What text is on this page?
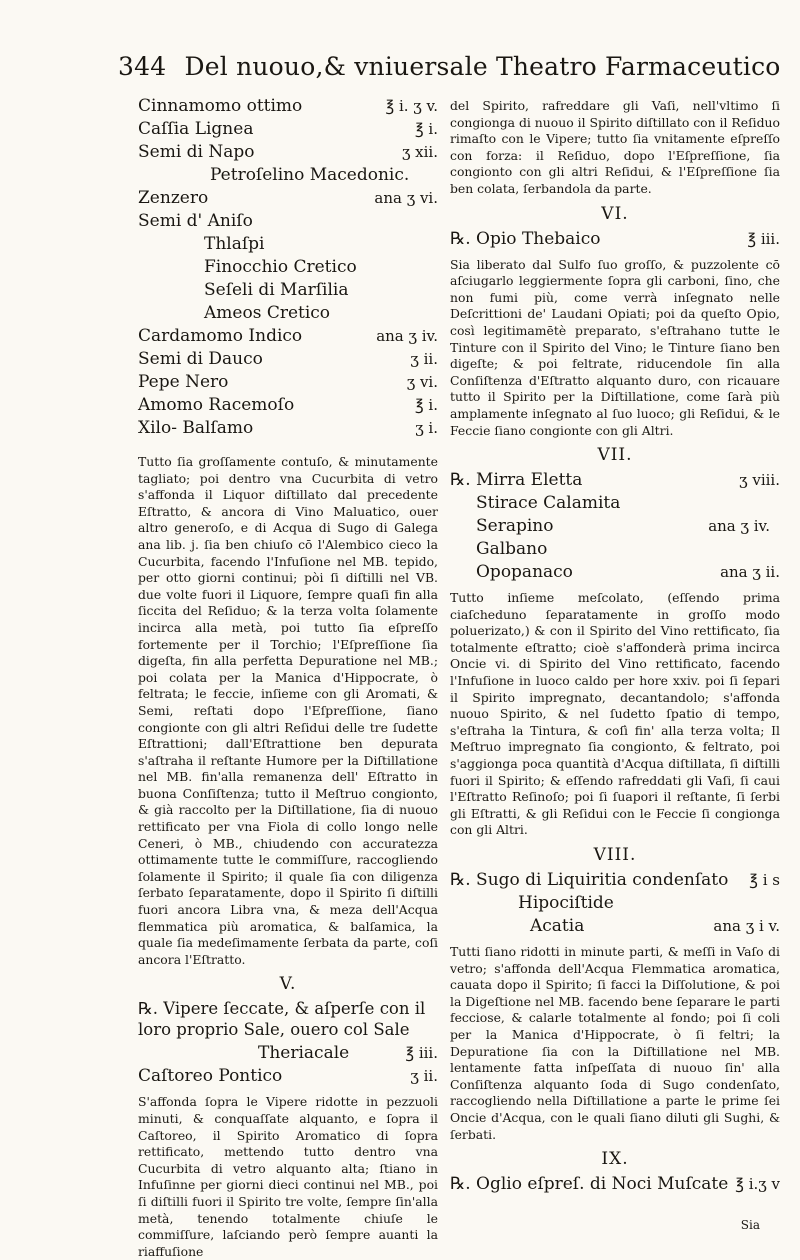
344 Del nuouo,& vniuersale Theatro Farmaceutico
Cinnamomo ottimo	℥ i. ʒ v.
Caſſia Lignea	℥ i.
Semi di Napo	ʒ xii.
Petroſelino Macedonic.
Zenzero	ana ʒ vi.
Semi d' Aniſo
Thlaſpi
Finocchio Cretico
Seſeli di Marſilia
Ameos Cretico
Cardamomo Indico	ana ʒ iv.
Semi di Dauco	ʒ ii.
Pepe Nero	ʒ vi.
Amomo Racemoſo	℥ i.
Xilo- Balſamo	ʒ i.

Tutto ſia groſſamente contuſo, & minutamente tagliato; poi dentro vna Cucurbita di vetro s'affonda il Liquor diſtillato dal precedente Eſtratto, & ancora di Vino Maluatico, ouer altro generoſo, e di Acqua di Sugo di Galega ana lib. j. ſia ben chiuſo cō l'Alembico cieco la Cucurbita, facendo l'Infuſione nel MB. tepido, per otto giorni continui; pòi ſi diſtilli nel VB. due volte fuori il Liquore, ſempre quaſi fin alla ſiccita del Reſiduo; & la terza volta ſolamente incirca alla metà, poi tutto ſia eſpreſſo fortemente per il Torchio; l'Eſpreſſione ſia digeſta, fin alla perfetta Depuratione nel MB.; poi colata per la Manica d'Hippocrate, ò feltrata; le feccie, inſieme con gli Aromati, & Semi, reſtati dopo l'Eſpreſſione, ſiano congionte con gli altri Reſidui delle tre ſudette Eſtrattioni; dall'Eſtrattione ben depurata s'aſtraha il reſtante Humore per la Diſtillatione nel MB. fin'alla remanenza dell' Eſtratto in buona Conſiſtenza; tutto il Meſtruo congionto, & già raccolto per la Diſtillatione, ſia di nuouo rettificato per vna Fiola di collo longo nelle Ceneri, ò MB., chiudendo con accuratezza ottimamente tutte le commiſſure, raccogliendo ſolamente il Spirito; il quale ſia con diligenza ſerbato ſeparatamente, dopo il Spirito ſi diſtilli fuori ancora Libra vna, & meza dell'Acqua flemmatica più aromatica, & balſamica, la quale ſia medeſimamente ſerbata da parte, coſi ancora l'Eſtratto.

V.
℞. Vipere ſeccate, & aſperſe con il loro proprio Sale, ouero col Sale
Theriacale	℥ iii.
Caſtoreo Pontico	ʒ ii.

S'affonda ſopra le Vipere ridotte in pezzuoli minuti, & conquaſſate alquanto, e ſopra il Caſtoreo, il Spirito Aromatico di ſopra rettificato, mettendo tutto dentro vna Cucurbita di vetro alquanto alta; ſtiano in Infuſinne per giorni dieci continui nel MB., poi ſi diſtilli fuori il Spirito tre volte, ſempre ſin'alla metà, tenendo totalmente chiuſe le commiſſure, laſciando però ſempre auanti la riaffuſione

del Spirito, rafreddare gli Vaſi, nell'vltimo ſi congionga di nuouo il Spirito diſtillato con il Reſiduo rimaſto con le Vipere; tutto ſia vnitamente eſpreſſo con forza: il Reſiduo, dopo l'Eſpreſſione, ſia congionto con gli altri Reſidui, & l'Eſpreſſione ſia ben colata, ſerbandola da parte.

VI.
℞. Opio Thebaico	℥ iii.

Sia liberato dal Sulfo ſuo groſſo, & puzzolente cō aſciugarlo leggiermente ſopra gli carboni, ſino, che non fumi più, come verrà inſegnato nelle Deſcrittioni de' Laudani Opiati; poi da queſto Opio, così legitimamētè preparato, s'eſtrahano tutte le Tinture con il Spirito del Vino; le Tinture ſiano ben digeſte; & poi feltrate, riducendole ſin alla Conſiſtenza d'Eſtratto alquanto duro, con ricauare tutto il Spirito per la Diſtillatione, come ſarà più amplamente inſegnato al ſuo luoco; gli Reſidui, & le Feccie ſiano congionte con gli Altri.

VII.
℞. Mirra Eletta	ʒ viii.
Stirace Calamita
Serapino	ana ʒ iv.
Galbano
Opopanaco	ana ʒ ii.

Tutto inſieme meſcolato, (eſſendo prima ciaſcheduno ſeparatamente in groſſo modo poluerizato,) & con il Spirito del Vino rettificato, ſia totalmente eſtratto; cioè s'affonderà prima incirca Oncie vi. di Spirito del Vino rettificato, facendo l'Infuſione in luoco caldo per hore xxiv. poi ſi ſepari il Spirito impregnato, decantandolo; s'affonda nuouo Spirito, & nel ſudetto ſpatio di tempo, s'eſtraha la Tintura, & coſì fin' alla terza volta; Il Meſtruo impregnato ſia congionto, & feltrato, poi s'aggionga poca quantità d'Acqua diſtillata, ſi diſtilli fuori il Spirito; & eſſendo rafreddati gli Vaſi, ſi caui l'Eſtratto Reſinoſo; poi ſi ſuapori il reſtante, ſi ſerbi gli Eſtratti, & gli Reſidui con le Feccie ſi congionga con gli Altri.

VIII.
℞. Sugo di Liquiritia condenſato ℥ i s
Hipociſtide
Acatia	ana ʒ i v.

Tutti ſiano ridotti in minute parti, & meſſi in Vaſo di vetro; s'affonda dell'Acqua Flemmatica aromatica, cauata dopo il Spirito; ſi facci la Diſſolutione, & poi la Digeſtione nel MB. facendo bene ſeparare le parti fecciose, & calarle totalmente al fondo; poi ſi coli per la Manica d'Hippocrate, ò ſi feltri; la Depuratione ſia con la Diſtillatione nel MB. lentamente fatta inſpeſſata di nuouo ſin' alla Conſiſtenza alquanto ſoda di Sugo condenſato, raccogliendo nella Diſtillatione a parte le prime ſei Oncie d'Acqua, con le quali ſiano diluti gli Sughi, & ſerbati.

IX.
℞. Oglio eſpreſ. di Noci Muſcate ℥ i.ʒ v
Sia
